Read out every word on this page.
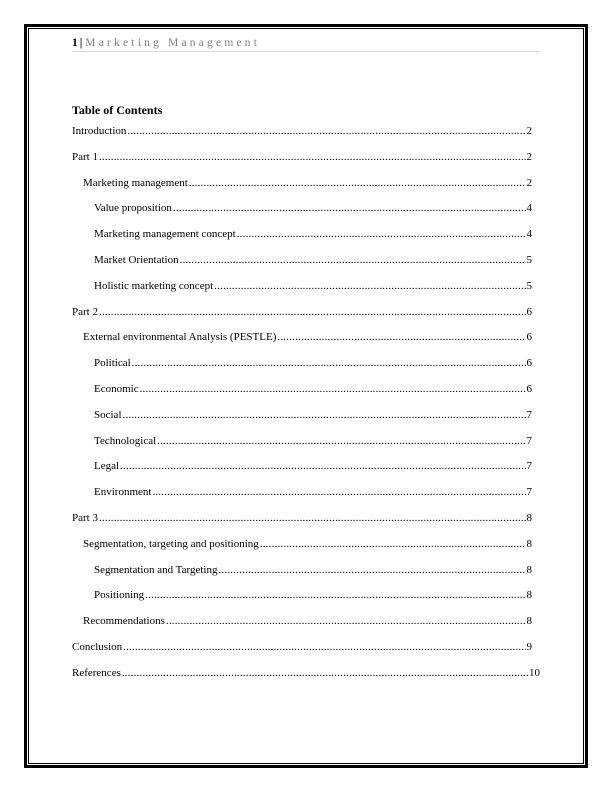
1 | Marketing Management
Table of Contents
Introduction .....	2
Part 1 .....	2
Marketing management .....	2
Value proposition .....	4
Marketing management concept .....	4
Market Orientation .....	5
Holistic marketing concept .....	5
Part 2 .....	6
External environmental Analysis (PESTLE) .....	6
Political .....	6
Economic .....	6
Social .....	7
Technological .....	7
Legal .....	7
Environment .....	7
Part 3 .....	8
Segmentation, targeting and positioning .....	8
Segmentation and Targeting .....	8
Positioning .....	8
Recommendations .....	8
Conclusion .....	9
References .....	10
